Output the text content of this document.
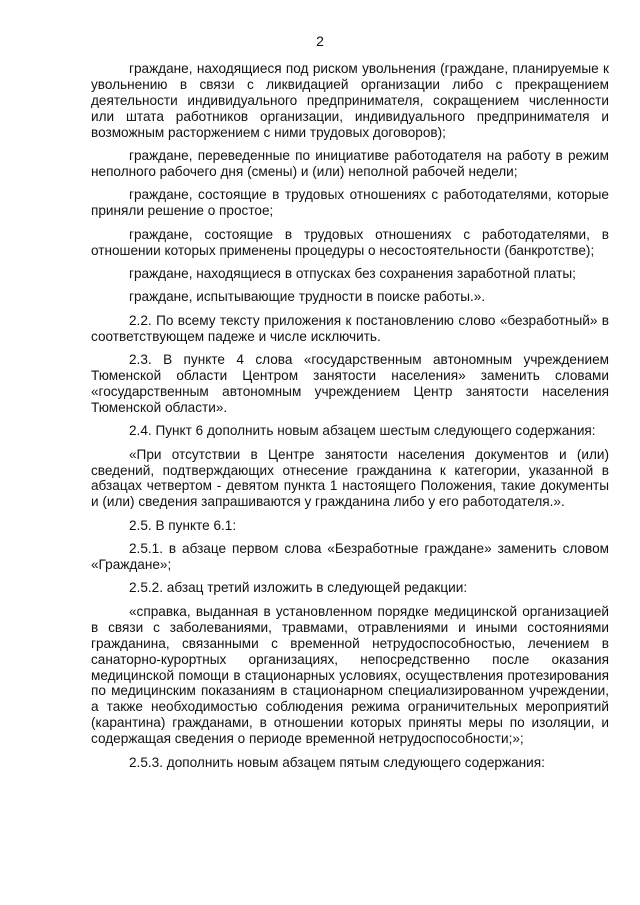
2

граждане, находящиеся под риском увольнения (граждане, планируемые к увольнению в связи с ликвидацией организации либо с прекращением деятельности индивидуального предпринимателя, сокращением численности или штата работников организации, индивидуального предпринимателя и возможным расторжением с ними трудовых договоров);

граждане, переведенные по инициативе работодателя на работу в режим неполного рабочего дня (смены) и (или) неполной рабочей недели;

граждане, состоящие в трудовых отношениях с работодателями, которые приняли решение о простое;

граждане, состоящие в трудовых отношениях с работодателями, в отношении которых применены процедуры о несостоятельности (банкротстве);

граждане, находящиеся в отпусках без сохранения заработной платы;

граждане, испытывающие трудности в поиске работы.».

2.2. По всему тексту приложения к постановлению слово «безработный» в соответствующем падеже и числе исключить.

2.3. В пункте 4 слова «государственным автономным учреждением Тюменской области Центром занятости населения» заменить словами «государственным автономным учреждением Центр занятости населения Тюменской области».

2.4. Пункт 6 дополнить новым абзацем шестым следующего содержания:

«При отсутствии в Центре занятости населения документов и (или) сведений, подтверждающих отнесение гражданина к категории, указанной в абзацах четвертом - девятом пункта 1 настоящего Положения, такие документы и (или) сведения запрашиваются у гражданина либо у его работодателя.».

2.5. В пункте 6.1:

2.5.1. в абзаце первом слова «Безработные граждане» заменить словом «Граждане»;

2.5.2. абзац третий изложить в следующей редакции:

«справка, выданная в установленном порядке медицинской организацией в связи с заболеваниями, травмами, отравлениями и иными состояниями гражданина, связанными с временной нетрудоспособностью, лечением в санаторно-курортных организациях, непосредственно после оказания медицинской помощи в стационарных условиях, осуществления протезирования по медицинским показаниям в стационарном специализированном учреждении, а также необходимостью соблюдения режима ограничительных мероприятий (карантина) гражданами, в отношении которых приняты меры по изоляции, и содержащая сведения о периоде временной нетрудоспособности;»;

2.5.3. дополнить новым абзацем пятым следующего содержания:
